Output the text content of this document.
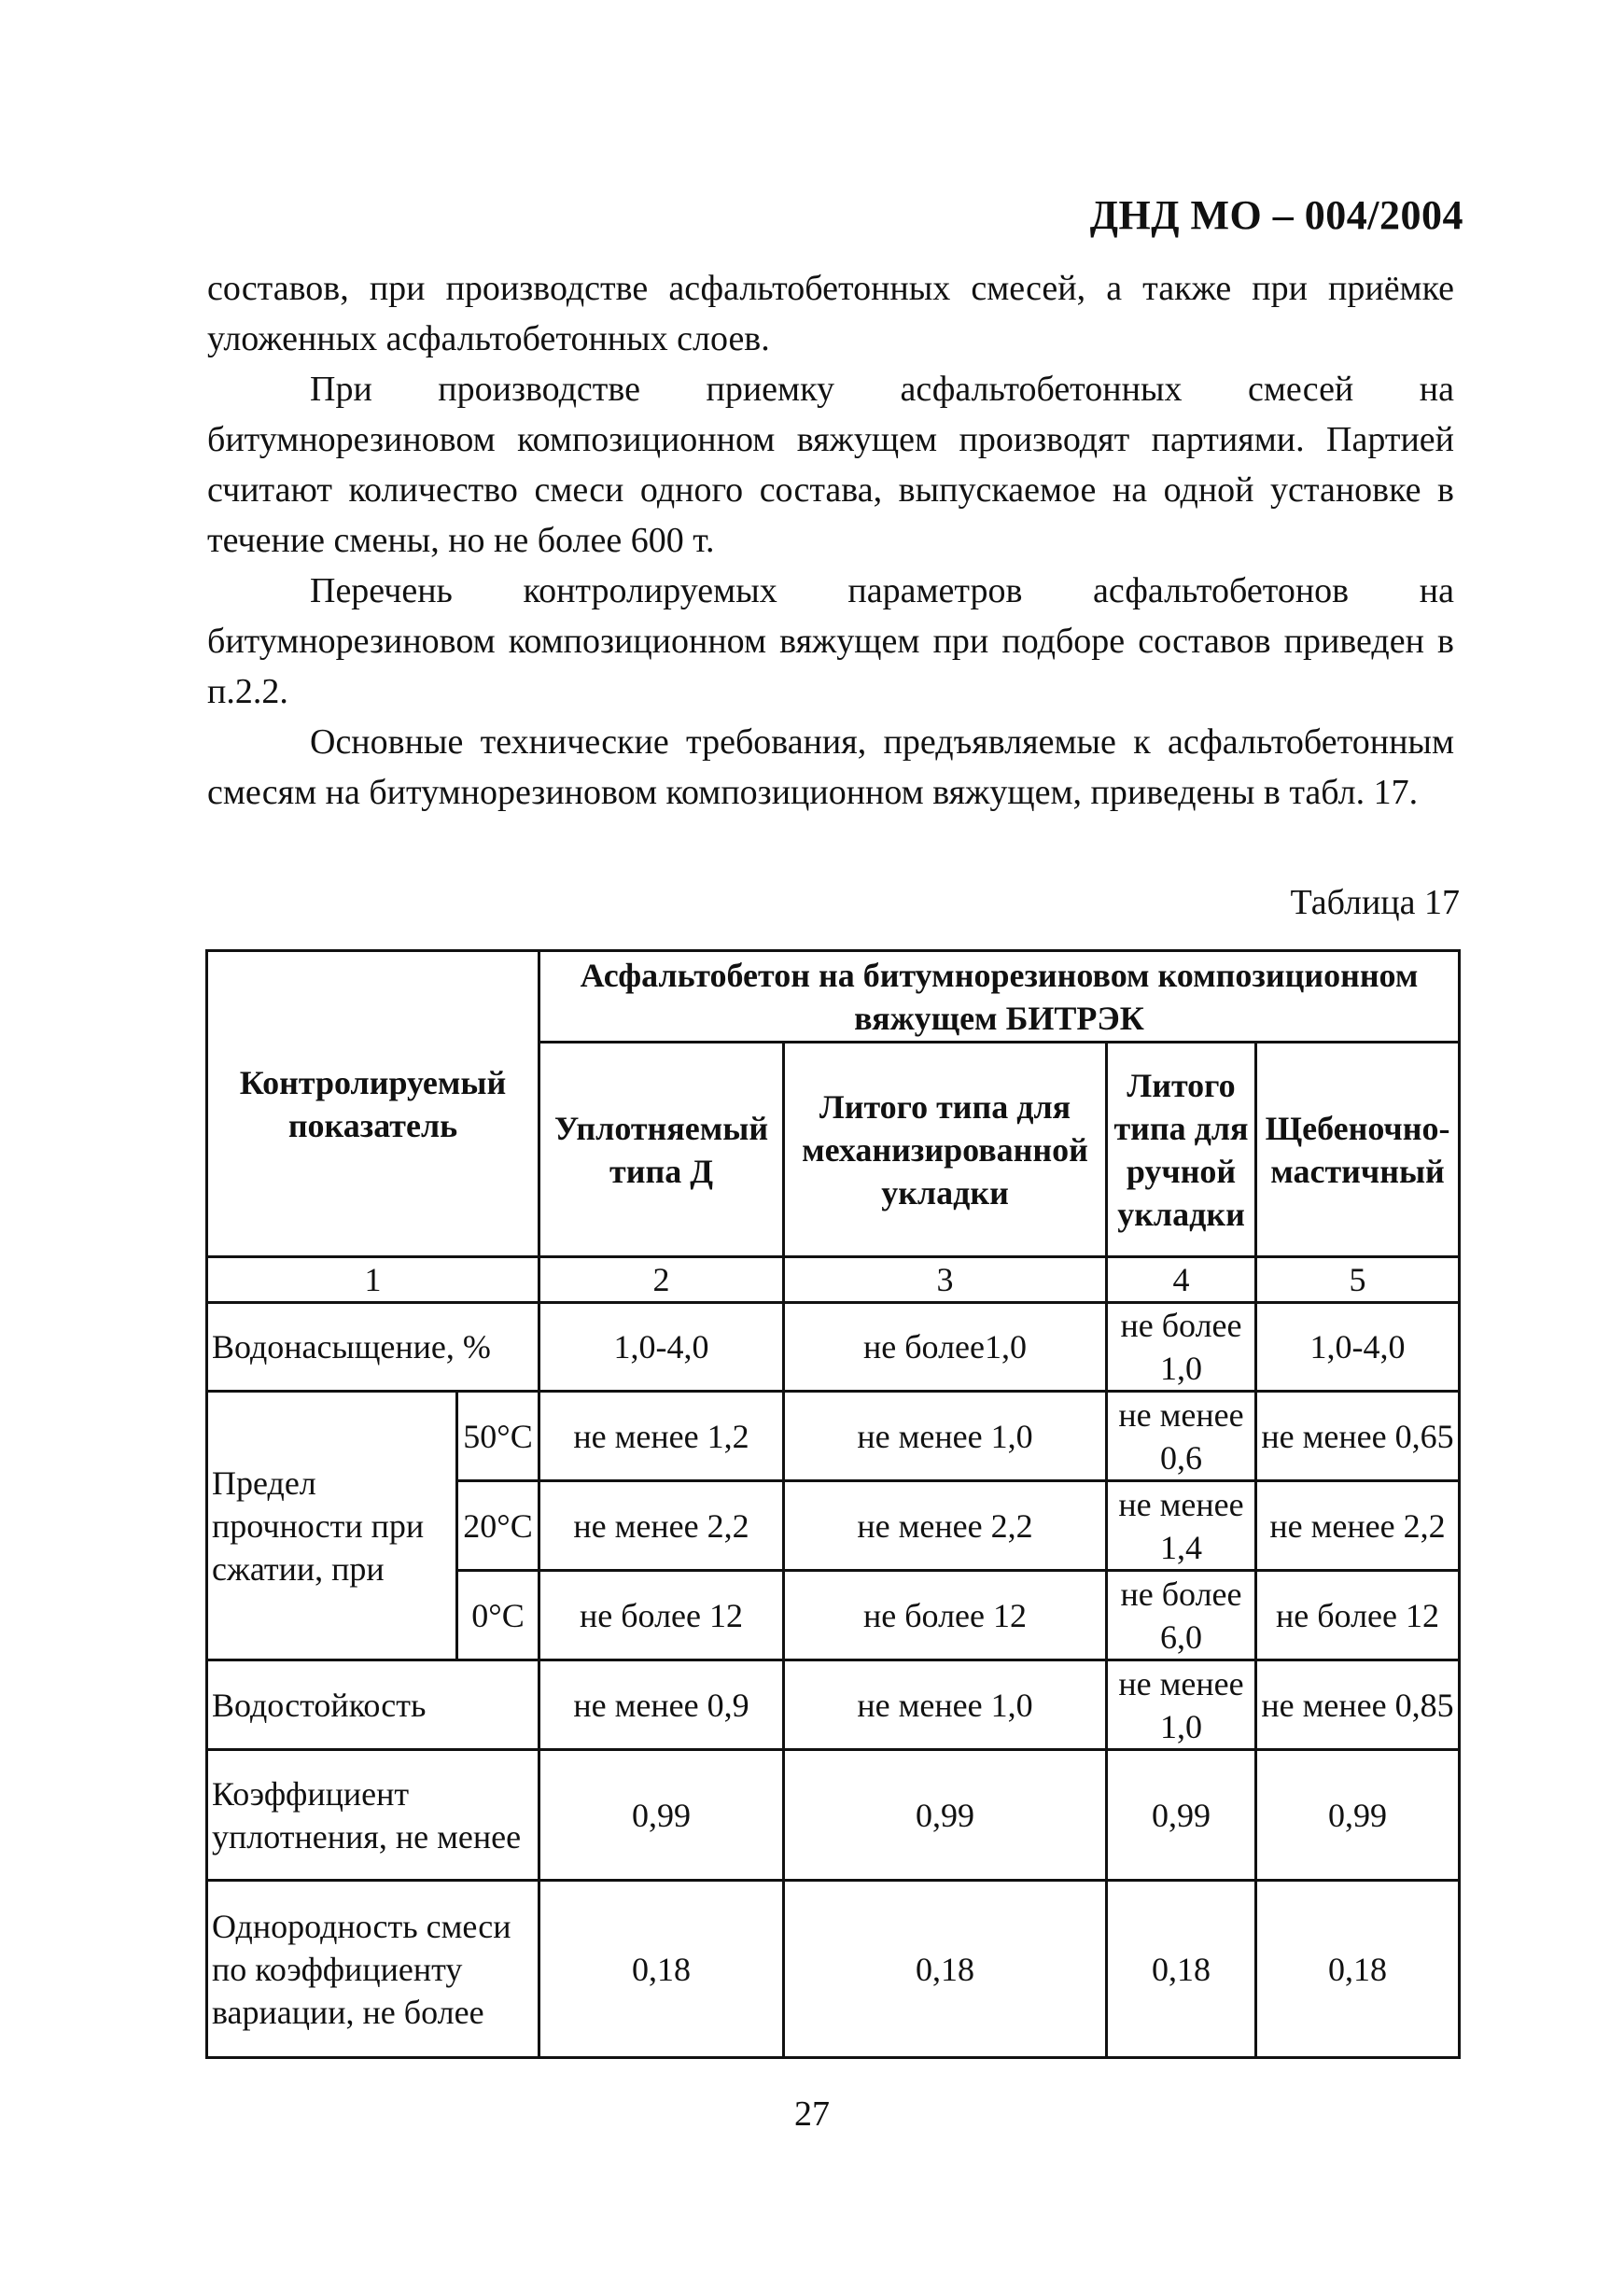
ДНД МО – 004/2004

составов, при производстве асфальтобетонных смесей, а также при приёмке уложенных асфальтобетонных слоев.

При производстве приемку асфальтобетонных смесей на битумнорезиновом композиционном вяжущем производят партиями. Партией считают количество смеси одного состава, выпускаемое на одной установке в течение смены, но не более 600 т.

Перечень контролируемых параметров асфальтобетонов на битумнорезиновом композиционном вяжущем при подборе составов приведен в п.2.2.

Основные технические требования, предъявляемые к асфальтобетонным смесям на битумнорезиновом композиционном вяжущем, приведены в табл. 17.

Таблица 17
Контролируемый показатель		Асфальтобетон на битумнорезиновом композиционном вяжущем БИТРЭК			
		Уплотняемый типа Д	Литого типа для механизированной укладки	Литого типа для ручной укладки	Щебеночно-мастичный
1		2	3	4	5
Водонасыщение, %		1,0-4,0	не более1,0	не более 1,0	1,0-4,0
Предел прочности при сжатии, при	50°С	не менее 1,2	не менее 1,0	не менее 0,6	не менее 0,65
	20°С	не менее 2,2	не менее 2,2	не менее 1,4	не менее 2,2
	0°С	не более 12	не более 12	не более 6,0	не более 12
Водостойкость		не менее 0,9	не менее 1,0	не менее 1,0	не менее 0,85
Коэффициент уплотнения, не менее		0,99	0,99	0,99	0,99
Однородность смеси по коэффициенту вариации, не более		0,18	0,18	0,18	0,18
27
